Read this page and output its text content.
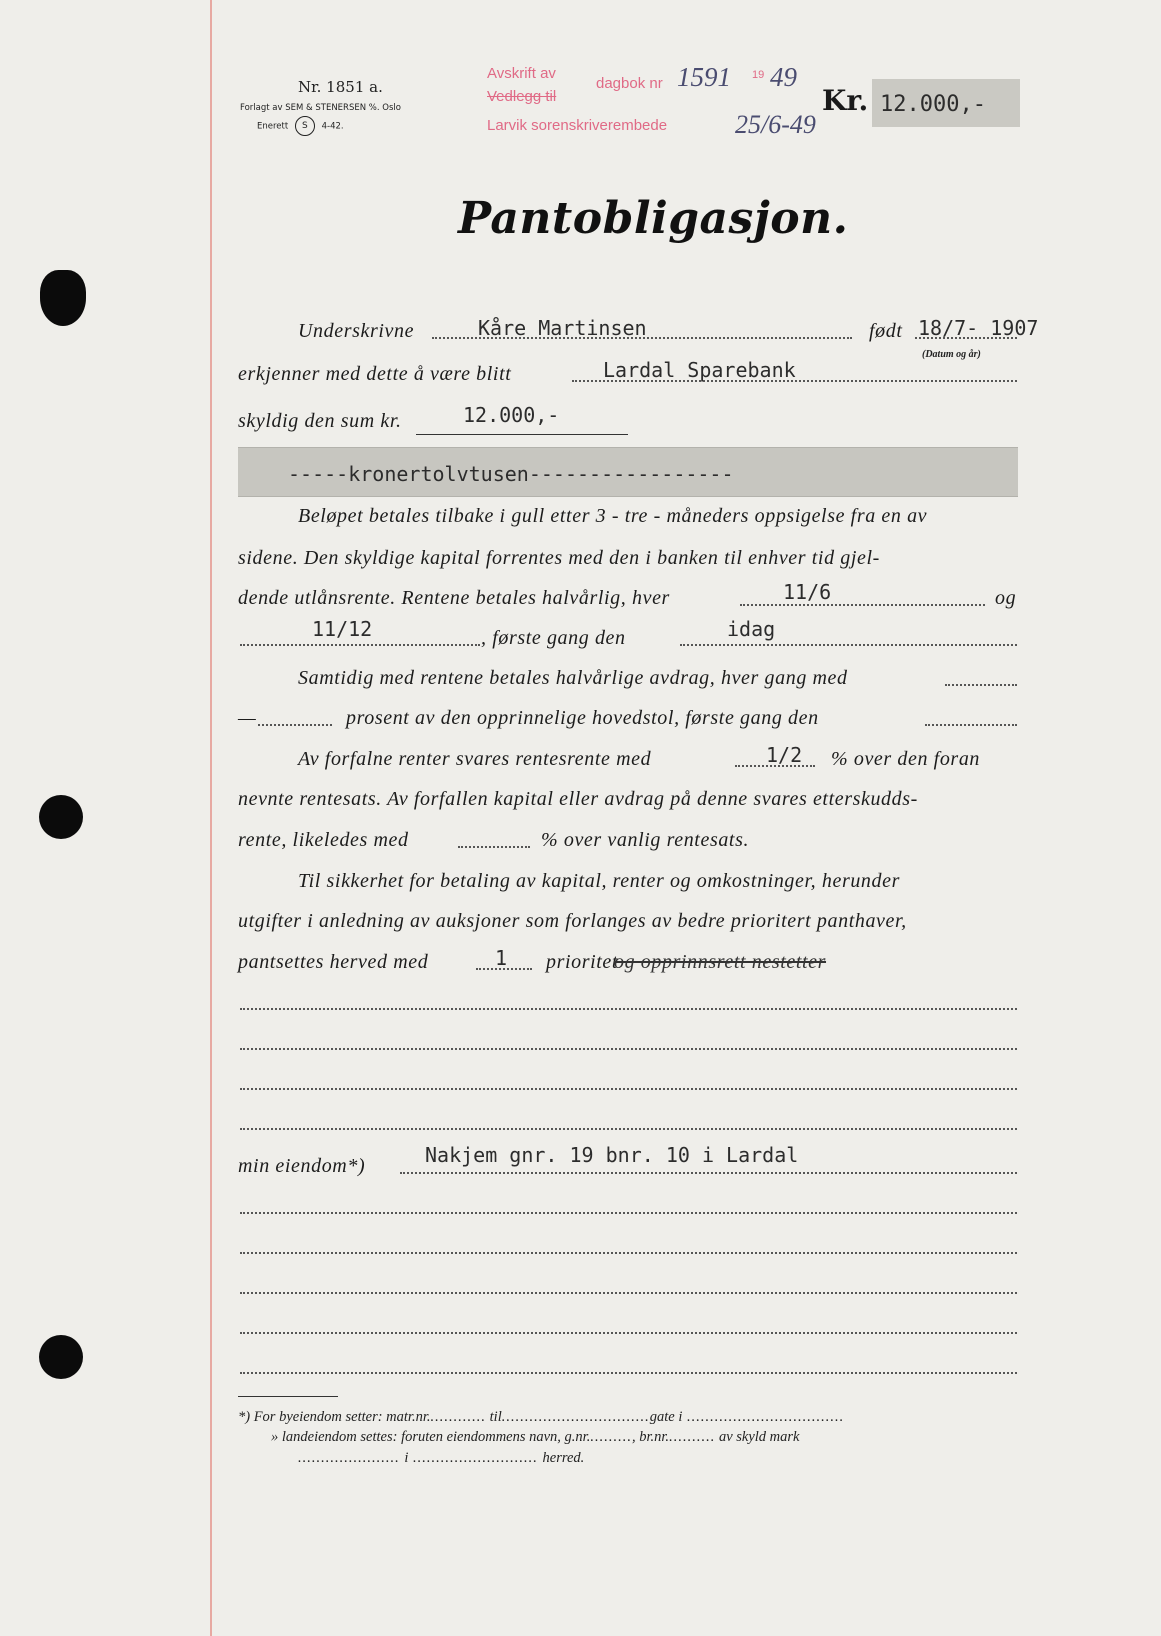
Nr. 1851 a.
Forlagt av SEM & STENERSEN %. Oslo
Enerett S 4-42.
Avskrift av
Vedlegg til
dagbok nr 1591 19 49
Larvik sorenskriverembede	25/6-49
Kr. 12.000,-
Pantobligasjon.
Underskrivne	Kåre Martinsen	født 18/7- 1907
(Datum og år)
erkjenner med dette å være blitt	Lardal Sparebank
skyldig den sum kr.	12.000,-
-----kronertolvtusen-----------------
Beløpet betales tilbake i gull etter 3 - tre - måneders oppsigelse fra en av
sidene. Den skyldige kapital forrentes med den i banken til enhver tid gjel-
dende utlånsrente. Rentene betales halvårlig, hver	11/6	og
11/12	, første gang den	idag
Samtidig med rentene betales halvårlige avdrag, hver gang med
—	prosent av den opprinnelige hovedstol, første gang den
Av forfalne renter svares rentesrente med	1/2 % over den foran
nevnte rentesats. Av forfallen kapital eller avdrag på denne svares etterskudds-
rente, likeledes med	% over vanlig rentesats.
Til sikkerhet for betaling av kapital, renter og omkostninger, herunder
utgifter i anledning av auksjoner som forlanges av bedre prioritert panthaver,
pantsettes herved med	1 prioritet
og opprinnsrett nestetter
min eiendom*)	Nakjem gnr. 19 bnr. 10 i Lardal
*) For byeiendom setter: matr.nr............. til................................gate i ..................................
» landeiendom settes: foruten eiendommens navn, g.nr.........., br.nr........... av skyld mark
...................... i ........................... herred.
